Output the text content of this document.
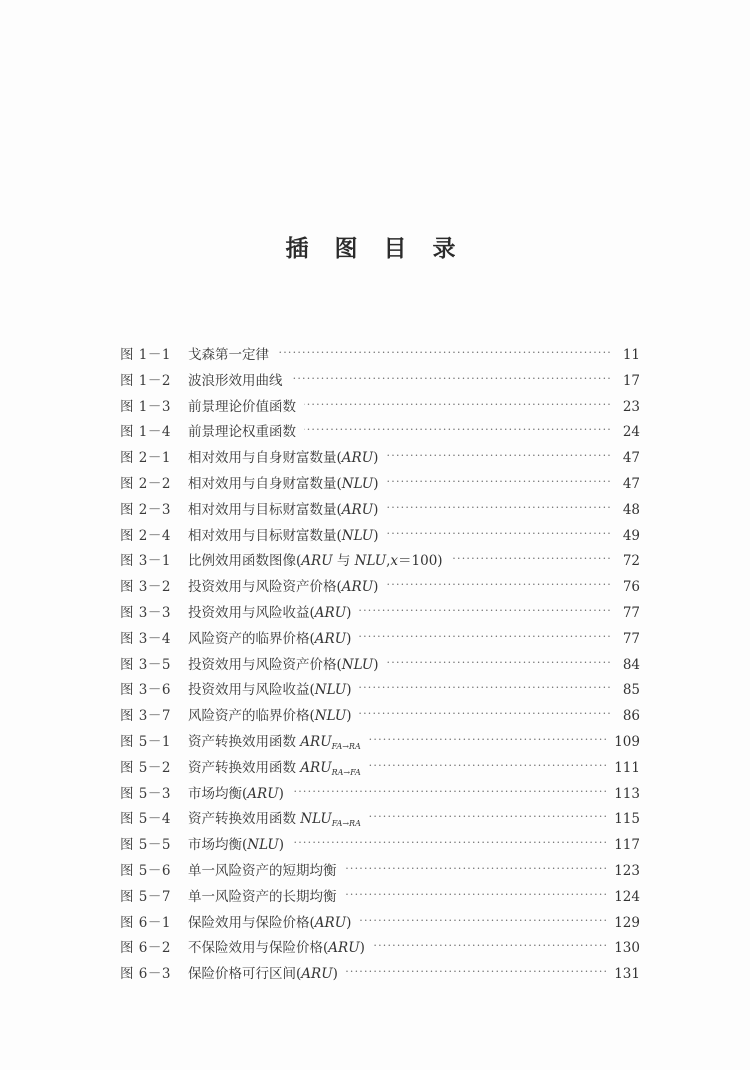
插 图 目 录
图 1－1	戈森第一定律 ·····	11
图 1－2	波浪形效用曲线 ·····	17
图 1－3	前景理论价值函数 ·····	23
图 1－4	前景理论权重函数 ·····	24
图 2－1	相对效用与自身财富数量(ARU) ·····	47
图 2－2	相对效用与自身财富数量(NLU) ·····	47
图 2－3	相对效用与目标财富数量(ARU) ·····	48
图 2－4	相对效用与目标财富数量(NLU) ·····	49
图 3－1	比例效用函数图像(ARU 与 NLU,x＝100) ·····	72
图 3－2	投资效用与风险资产价格(ARU) ·····	76
图 3－3	投资效用与风险收益(ARU) ·····	77
图 3－4	风险资产的临界价格(ARU) ·····	77
图 3－5	投资效用与风险资产价格(NLU) ·····	84
图 3－6	投资效用与风险收益(NLU) ·····	85
图 3－7	风险资产的临界价格(NLU) ·····	86
图 5－1	资产转换效用函数 $ARU_{FA\to RA}$ ·····	109
图 5－2	资产转换效用函数 $ARU_{RA\to FA}$ ·····	111
图 5－3	市场均衡(ARU) ·····	113
图 5－4	资产转换效用函数 $NLU_{FA\to RA}$ ·····	115
图 5－5	市场均衡(NLU) ·····	117
图 5－6	单一风险资产的短期均衡 ·····	123
图 5－7	单一风险资产的长期均衡 ·····	124
图 6－1	保险效用与保险价格(ARU) ·····	129
图 6－2	不保险效用与保险价格(ARU) ·····	130
图 6－3	保险价格可行区间(ARU) ·····	131
